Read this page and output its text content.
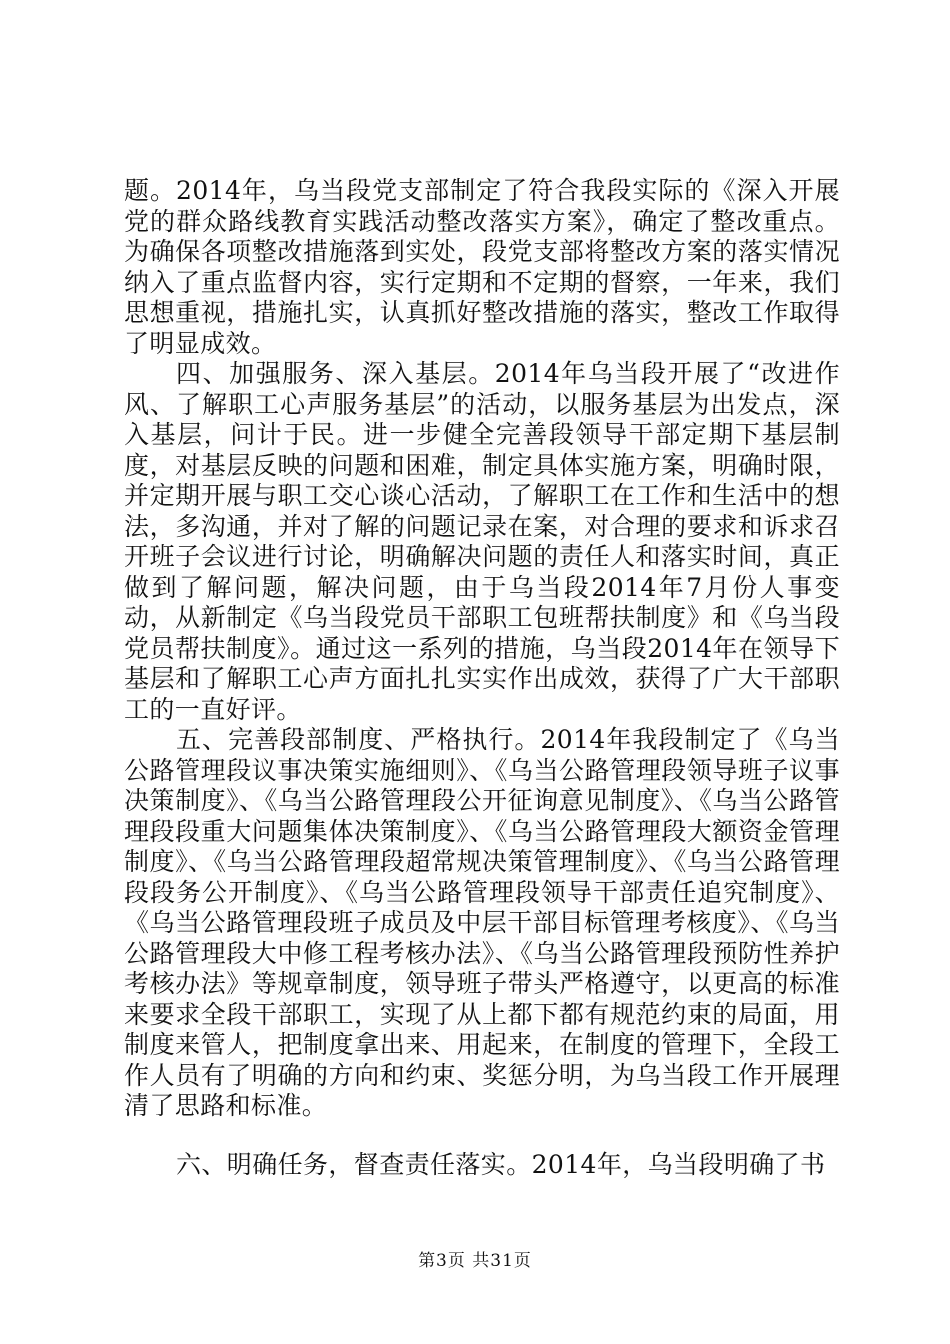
题。2014年，乌当段党支部制定了符合我段实际的《深入开展党的群众路线教育实践活动整改落实方案》，确定了整改重点。为确保各项整改措施落到实处，段党支部将整改方案的落实情况纳入了重点监督内容，实行定期和不定期的督察，一年来，我们思想重视，措施扎实，认真抓好整改措施的落实，整改工作取得了明显成效。

四、加强服务、深入基层。2014年乌当段开展了“改进作风、了解职工心声服务基层”的活动，以服务基层为出发点，深入基层，问计于民。进一步健全完善段领导干部定期下基层制度，对基层反映的问题和困难，制定具体实施方案，明确时限，并定期开展与职工交心谈心活动，了解职工在工作和生活中的想法，多沟通，并对了解的问题记录在案，对合理的要求和诉求召开班子会议进行讨论，明确解决问题的责任人和落实时间，真正做到了解问题，解决问题，由于乌当段2014年7月份人事变动，从新制定《乌当段党员干部职工包班帮扶制度》和《乌当段党员帮扶制度》。通过这一系列的措施，乌当段2014年在领导下基层和了解职工心声方面扎扎实实作出成效，获得了广大干部职工的一直好评。

五、完善段部制度、严格执行。2014年我段制定了《乌当公路管理段议事决策实施细则》、《乌当公路管理段领导班子议事决策制度》、《乌当公路管理段公开征询意见制度》、《乌当公路管理段段重大问题集体决策制度》、《乌当公路管理段大额资金管理制度》、《乌当公路管理段超常规决策管理制度》、《乌当公路管理段段务公开制度》、《乌当公路管理段领导干部责任追究制度》、《乌当公路管理段班子成员及中层干部目标管理考核度》、《乌当公路管理段大中修工程考核办法》、《乌当公路管理段预防性养护考核办法》等规章制度，领导班子带头严格遵守，以更高的标准来要求全段干部职工，实现了从上都下都有规范约束的局面，用制度来管人，把制度拿出来、用起来，在制度的管理下，全段工作人员有了明确的方向和约束、奖惩分明，为乌当段工作开展理清了思路和标准。

六、明确任务，督查责任落实。2014年，乌当段明确了书

第3页 共31页
